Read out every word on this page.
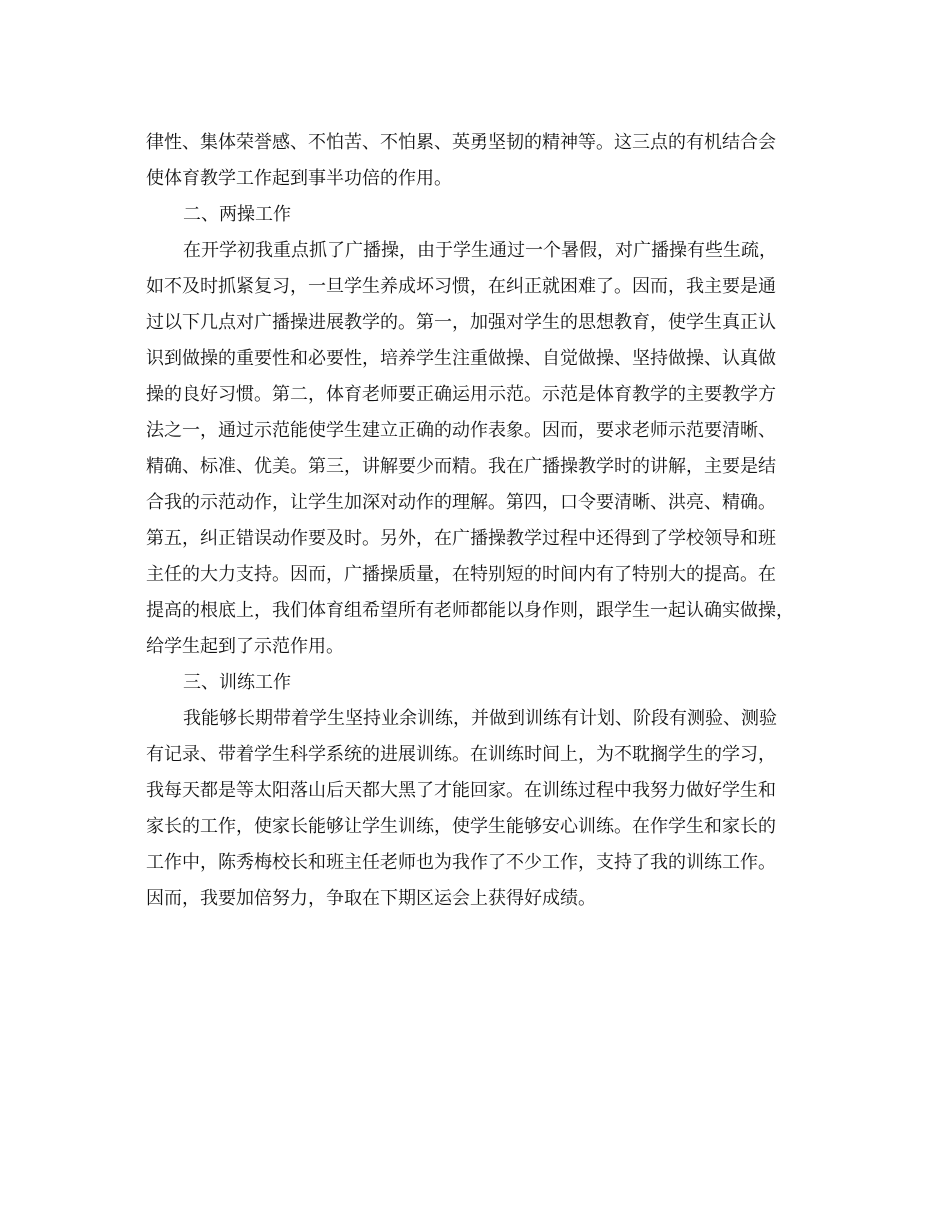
律性、集体荣誉感、不怕苦、不怕累、英勇坚韧的精神等。这三点的有机结合会
使体育教学工作起到事半功倍的作用。
二、两操工作
在开学初我重点抓了广播操，由于学生通过一个暑假，对广播操有些生疏，
如不及时抓紧复习，一旦学生养成坏习惯，在纠正就困难了。因而，我主要是通
过以下几点对广播操进展教学的。第一，加强对学生的思想教育，使学生真正认
识到做操的重要性和必要性，培养学生注重做操、自觉做操、坚持做操、认真做
操的良好习惯。第二，体育老师要正确运用示范。示范是体育教学的主要教学方
法之一，通过示范能使学生建立正确的动作表象。因而，要求老师示范要清晰、
精确、标准、优美。第三，讲解要少而精。我在广播操教学时的讲解，主要是结
合我的示范动作，让学生加深对动作的理解。第四，口令要清晰、洪亮、精确。
第五，纠正错误动作要及时。另外，在广播操教学过程中还得到了学校领导和班
主任的大力支持。因而，广播操质量，在特别短的时间内有了特别大的提高。在
提高的根底上，我们体育组希望所有老师都能以身作则，跟学生一起认确实做操，
给学生起到了示范作用。
三、训练工作
我能够长期带着学生坚持业余训练，并做到训练有计划、阶段有测验、测验
有记录、带着学生科学系统的进展训练。在训练时间上，为不耽搁学生的学习，
我每天都是等太阳落山后天都大黑了才能回家。在训练过程中我努力做好学生和
家长的工作，使家长能够让学生训练，使学生能够安心训练。在作学生和家长的
工作中，陈秀梅校长和班主任老师也为我作了不少工作，支持了我的训练工作。
因而，我要加倍努力，争取在下期区运会上获得好成绩。
